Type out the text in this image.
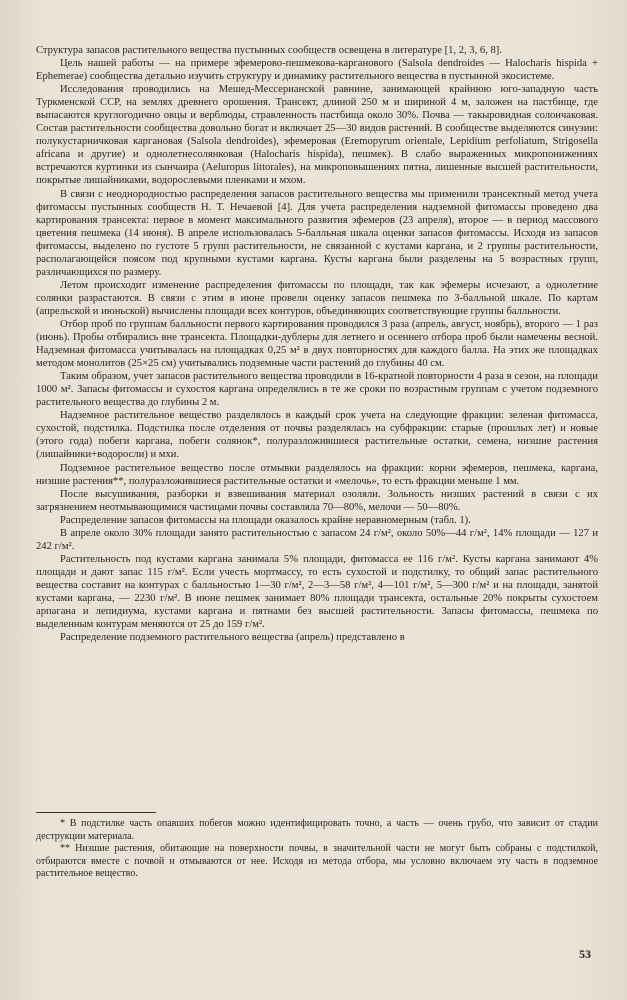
Структура запасов растительного вещества пустынных сообществ освещена в литературе [1, 2, 3, 6, 8].

Цель нашей работы — на примере эфемерово-пешмекова-карганового (Salsola dendroides — Halocharis hispida + Ephemerae) сообщества детально изучить структуру и динамику растительного вещества в пустынной экосистеме.

Исследования проводились на Мешед-Мессерианской равнине, занимающей крайнюю юго-западную часть Туркменской ССР, на землях древнего орошения. Трансект, длиной 250 м и шириной 4 м, заложен на пастбище, где выпасаются круглогодично овцы и верблюды, стравленность пастбища около 30%. Почва — такыровидная солончаковая. Состав растительности сообщества довольно богат и включает 25—30 видов растений. В сообществе выделяются синузии: полукустарничковая каргановая (Salsola dendroides), эфемеровая (Eremopyrum orientale, Lepidium perfoliatum, Strigosella africana и другие) и однолетнесолянковая (Halocharis hispida), пешмек). В слабо выраженных микропонижениях встречаются куртинки из сынчаира (Aeluropus littorales), на микроповышениях пятна, лишенные высшей растительности, покрытые лишайниками, водорослевыми пленками и мхом.

В связи с неоднородностью распределения запасов растительного вещества мы применили трансектный метод учета фитомассы пустынных сообществ Н. Т. Нечаевой [4]. Для учета распределения надземной фитомассы проведено два картирования трансекта: первое в момент максимального развития эфемеров (23 апреля), второе — в период массового цветения пешмека (14 июня). В апреле использовалась 5-балльная шкала оценки запасов фитомассы. Исходя из запасов фитомассы, выделено по густоте 5 групп растительности, не связанной с кустами каргана, и 2 группы растительности, располагающейся поясом под крупными кустами каргана. Кусты каргана были разделены на 5 возрастных групп, различающихся по размеру.

Летом происходит изменение распределения фитомассы по площади, так как эфемеры исчезают, а однолетние солянки разрастаются. В связи с этим в июне провели оценку запасов пешмека по 3-балльной шкале. По картам (апрельской и июньской) вычислены площади всех контуров, объединяющих соответствующие группы балльности.

Отбор проб по группам балльности первого картирования проводился 3 раза (апрель, август, ноябрь), второго — 1 раз (июнь). Пробы отбирались вне трансекта. Площадки-дублеры для летнего и осеннего отбора проб были намечены весной. Надземная фитомасса учитывалась на площадках 0,25 м² в двух повторностях для каждого балла. На этих же площадках методом монолитов (25×25 см) учитывались подземные части растений до глубины 40 см.

Таким образом, учет запасов растительного вещества проводили в 16-кратной повторности 4 раза в сезон, на площади 1000 м². Запасы фитомассы и сухостоя каргана определялись в те же сроки по возрастным группам с учетом подземного растительного вещества до глубины 2 м.

Надземное растительное вещество разделялось в каждый срок учета на следующие фракции: зеленая фитомасса, сухостой, подстилка. Подстилка после отделения от почвы разделялась на субфракции: старые (прошлых лет) и новые (этого года) побеги каргана, побеги солянок*, полуразложившиеся растительные остатки, семена, низшие растения (лишайники+водоросли) и мхи.

Подземное растительное вещество после отмывки разделялось на фракции: корни эфемеров, пешмека, каргана, низшие растения**, полуразложившиеся растительные остатки и «мелочь», то есть фракции меньше 1 мм.

После высушивания, разборки и взвешивания материал озоляли. Зольность низших растений в связи с их загрязнением неотмывающимися частицами почвы составляла 70—80%, мелочи — 50—80%.

Распределение запасов фитомассы на площади оказалось крайне неравномерным (табл. 1).

В апреле около 30% площади занято растительностью с запасом 24 г/м², около 50%—44 г/м², 14% площади — 127 и 242 г/м².

Растительность под кустами каргана занимала 5% площади, фитомасса ее 116 г/м². Кусты каргана занимают 4% площади и дают запас 115 г/м². Если учесть мортмассу, то есть сухостой и подстилку, то общий запас растительного вещества составит на контурах с балльностью 1—30 г/м², 2—3—58 г/м², 4—101 г/м², 5—300 г/м² и на площади, занятой кустами каргана, — 2230 г/м². В июне пешмек занимает 80% площади трансекта, остальные 20% покрыты сухостоем арпагана и лепидиума, кустами каргана и пятнами без высшей растительности. Запасы фитомассы, пешмека по выделенным контурам меняются от 25 до 159 г/м².

Распределение подземного растительного вещества (апрель) представлено в

* В подстилке часть опавших побегов можно идентифицировать точно, а часть — очень грубо, что зависит от стадии деструкции материала.

** Низшие растения, обитающие на поверхности почвы, в значительной части не могут быть собраны с подстилкой, отбираются вместе с почвой и отмываются от нее. Исходя из метода отбора, мы условно включаем эту часть в подземное растительное вещество.

53
